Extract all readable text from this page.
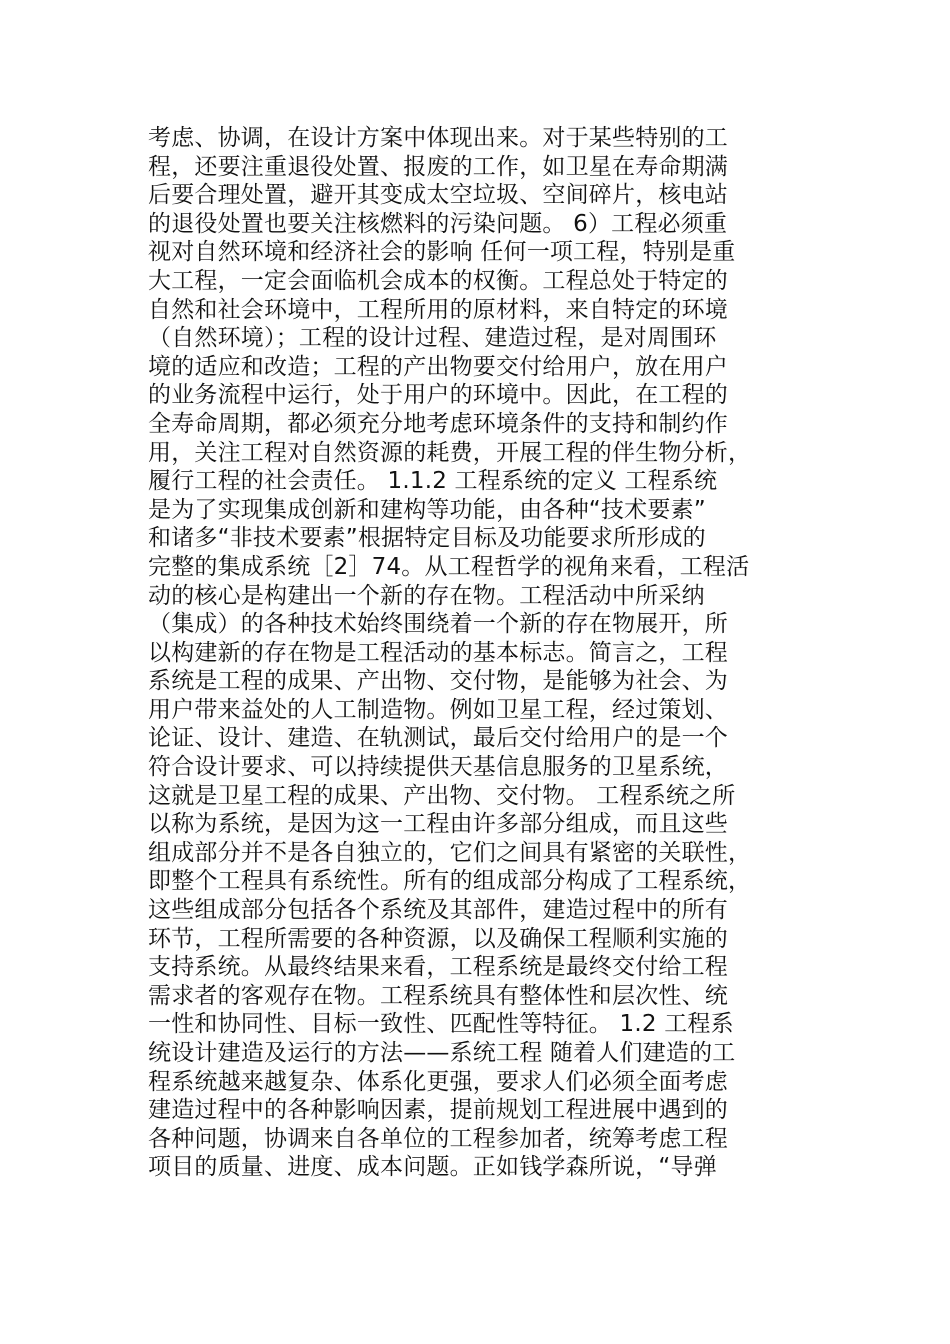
考虑、协调，在设计方案中体现出来。对于某些特别的工
程，还要注重退役处置、报废的工作，如卫星在寿命期满
后要合理处置，避开其变成太空垃圾、空间碎片，核电站
的退役处置也要关注核燃料的污染问题。 6）工程必须重
视对自然环境和经济社会的影响 任何一项工程，特别是重
大工程，一定会面临机会成本的权衡。工程总处于特定的
自然和社会环境中，工程所用的原材料，来自特定的环境
（自然环境）；工程的设计过程、建造过程，是对周围环
境的适应和改造；工程的产出物要交付给用户，放在用户
的业务流程中运行，处于用户的环境中。因此，在工程的
全寿命周期，都必须充分地考虑环境条件的支持和制约作
用，关注工程对自然资源的耗费，开展工程的伴生物分析，
履行工程的社会责任。 1.1.2 工程系统的定义 工程系统
是为了实现集成创新和建构等功能，由各种“技术要素”
和诸多“非技术要素”根据特定目标及功能要求所形成的
完整的集成系统［2］74。从工程哲学的视角来看，工程活
动的核心是构建出一个新的存在物。工程活动中所采纳
（集成）的各种技术始终围绕着一个新的存在物展开，所
以构建新的存在物是工程活动的基本标志。简言之，工程
系统是工程的成果、产出物、交付物，是能够为社会、为
用户带来益处的人工制造物。例如卫星工程，经过策划、
论证、设计、建造、在轨测试，最后交付给用户的是一个
符合设计要求、可以持续提供天基信息服务的卫星系统，
这就是卫星工程的成果、产出物、交付物。 工程系统之所
以称为系统，是因为这一工程由许多部分组成，而且这些
组成部分并不是各自独立的，它们之间具有紧密的关联性，
即整个工程具有系统性。所有的组成部分构成了工程系统，
这些组成部分包括各个系统及其部件，建造过程中的所有
环节，工程所需要的各种资源，以及确保工程顺利实施的
支持系统。从最终结果来看，工程系统是最终交付给工程
需求者的客观存在物。工程系统具有整体性和层次性、统
一性和协同性、目标一致性、匹配性等特征。 1.2 工程系
统设计建造及运行的方法——系统工程 随着人们建造的工
程系统越来越复杂、体系化更强，要求人们必须全面考虑
建造过程中的各种影响因素，提前规划工程进展中遇到的
各种问题，协调来自各单位的工程参加者，统筹考虑工程
项目的质量、进度、成本问题。正如钱学森所说，“导弹
